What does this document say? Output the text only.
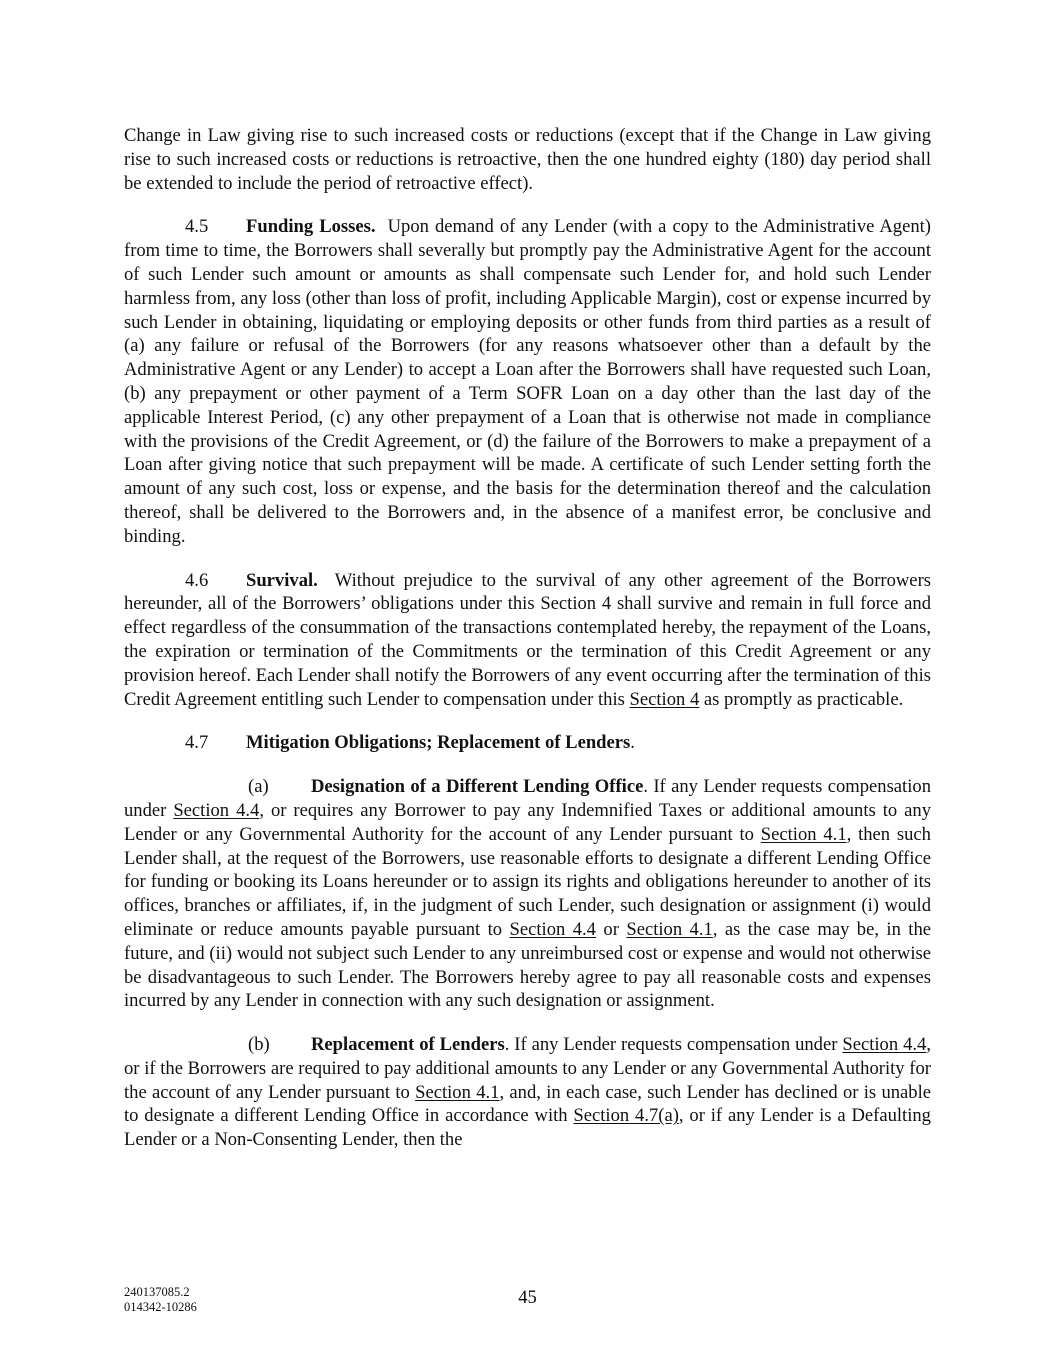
Change in Law giving rise to such increased costs or reductions (except that if the Change in Law giving rise to such increased costs or reductions is retroactive, then the one hundred eighty (180) day period shall be extended to include the period of retroactive effect).

4.5 Funding Losses. Upon demand of any Lender (with a copy to the Administrative Agent) from time to time, the Borrowers shall severally but promptly pay the Administrative Agent for the account of such Lender such amount or amounts as shall compensate such Lender for, and hold such Lender harmless from, any loss (other than loss of profit, including Applicable Margin), cost or expense incurred by such Lender in obtaining, liquidating or employing deposits or other funds from third parties as a result of (a) any failure or refusal of the Borrowers (for any reasons whatsoever other than a default by the Administrative Agent or any Lender) to accept a Loan after the Borrowers shall have requested such Loan, (b) any prepayment or other payment of a Term SOFR Loan on a day other than the last day of the applicable Interest Period, (c) any other prepayment of a Loan that is otherwise not made in compliance with the provisions of the Credit Agreement, or (d) the failure of the Borrowers to make a prepayment of a Loan after giving notice that such prepayment will be made. A certificate of such Lender setting forth the amount of any such cost, loss or expense, and the basis for the determination thereof and the calculation thereof, shall be delivered to the Borrowers and, in the absence of a manifest error, be conclusive and binding.

4.6 Survival. Without prejudice to the survival of any other agreement of the Borrowers hereunder, all of the Borrowers’ obligations under this Section 4 shall survive and remain in full force and effect regardless of the consummation of the transactions contemplated hereby, the repayment of the Loans, the expiration or termination of the Commitments or the termination of this Credit Agreement or any provision hereof. Each Lender shall notify the Borrowers of any event occurring after the termination of this Credit Agreement entitling such Lender to compensation under this Section 4 as promptly as practicable.

4.7 Mitigation Obligations; Replacement of Lenders.

(a) Designation of a Different Lending Office. If any Lender requests compensation under Section 4.4, or requires any Borrower to pay any Indemnified Taxes or additional amounts to any Lender or any Governmental Authority for the account of any Lender pursuant to Section 4.1, then such Lender shall, at the request of the Borrowers, use reasonable efforts to designate a different Lending Office for funding or booking its Loans hereunder or to assign its rights and obligations hereunder to another of its offices, branches or affiliates, if, in the judgment of such Lender, such designation or assignment (i) would eliminate or reduce amounts payable pursuant to Section 4.4 or Section 4.1, as the case may be, in the future, and (ii) would not subject such Lender to any unreimbursed cost or expense and would not otherwise be disadvantageous to such Lender. The Borrowers hereby agree to pay all reasonable costs and expenses incurred by any Lender in connection with any such designation or assignment.

(b) Replacement of Lenders. If any Lender requests compensation under Section 4.4, or if the Borrowers are required to pay additional amounts to any Lender or any Governmental Authority for the account of any Lender pursuant to Section 4.1, and, in each case, such Lender has declined or is unable to designate a different Lending Office in accordance with Section 4.7(a), or if any Lender is a Defaulting Lender or a Non-Consenting Lender, then the

240137085.2
014342-10286	45
